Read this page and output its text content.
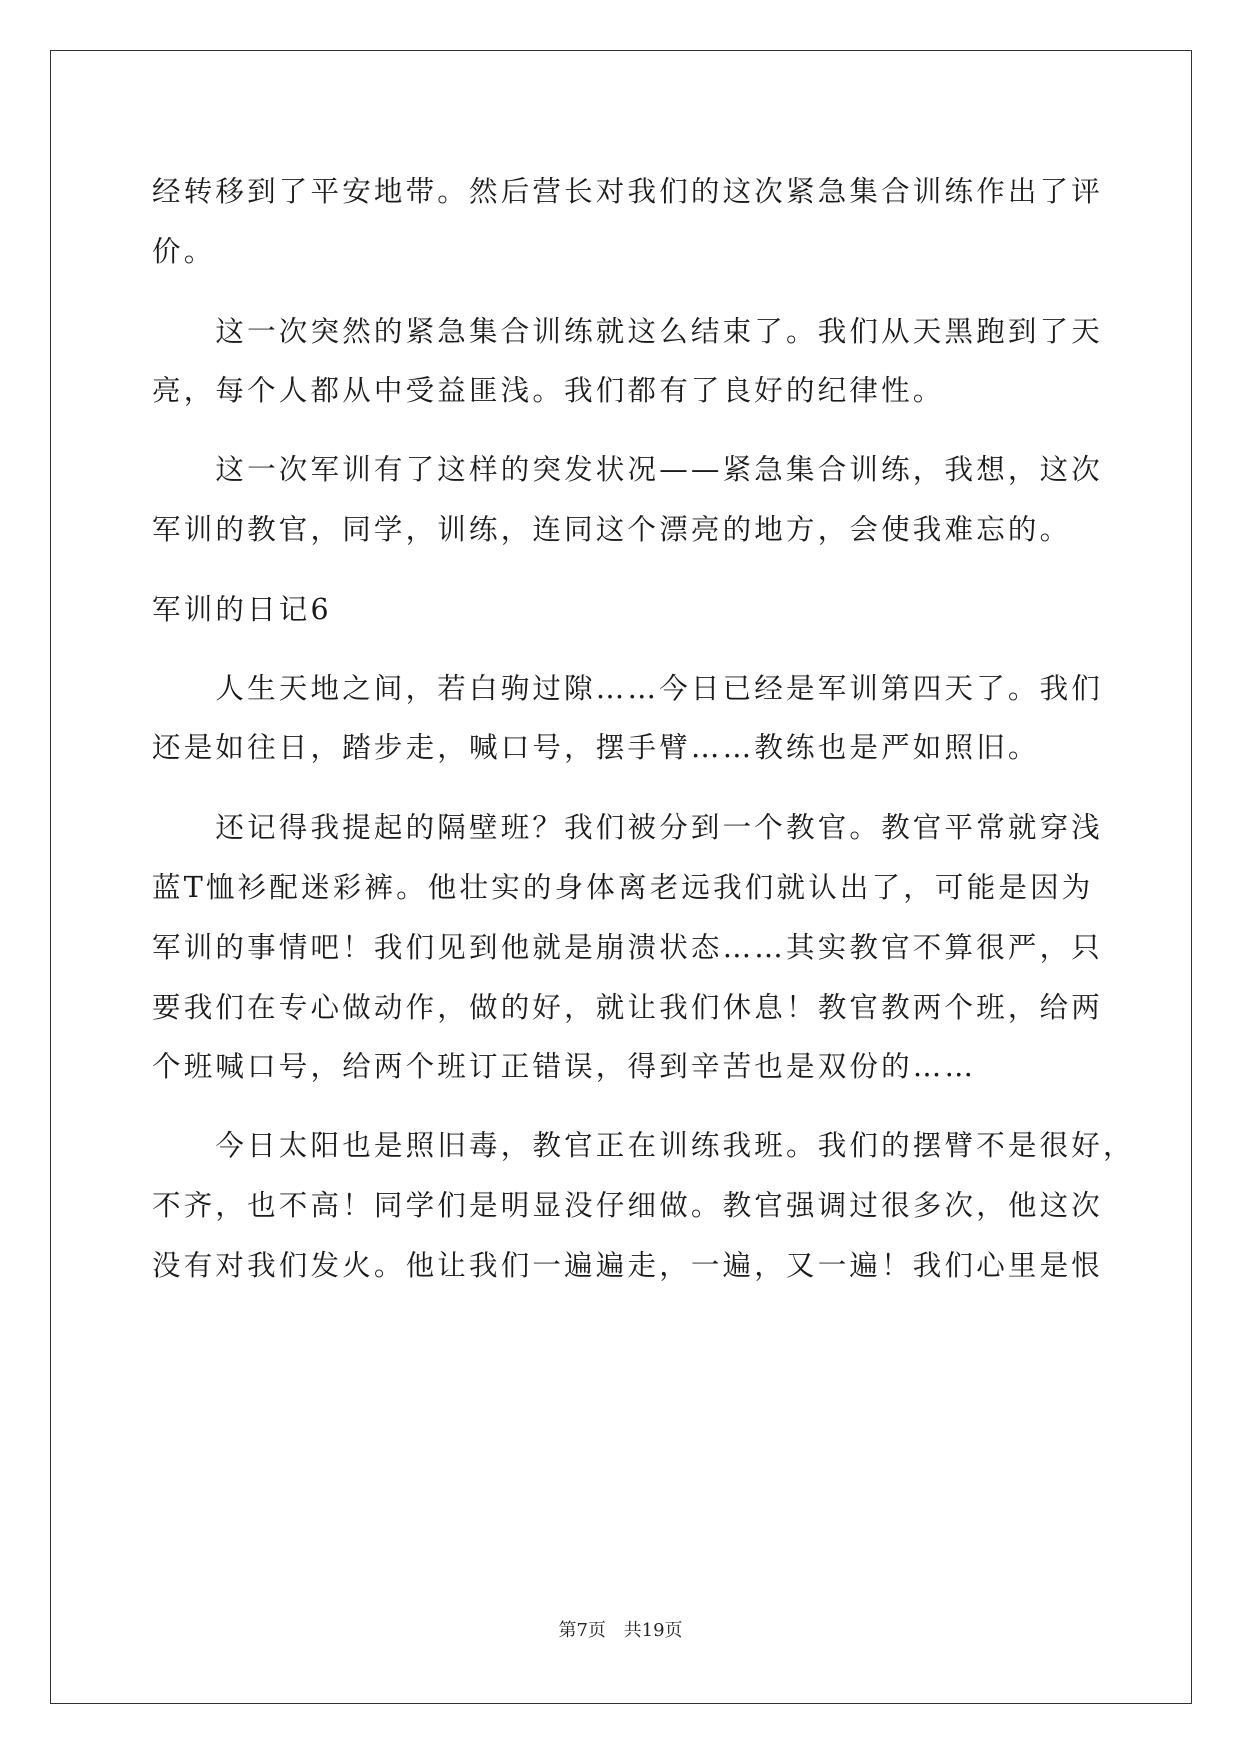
经转移到了平安地带。然后营长对我们的这次紧急集合训练作出了评
价。
　　这一次突然的紧急集合训练就这么结束了。我们从天黑跑到了天
亮，每个人都从中受益匪浅。我们都有了良好的纪律性。
　　这一次军训有了这样的突发状况——紧急集合训练，我想，这次
军训的教官，同学，训练，连同这个漂亮的地方，会使我难忘的。
军训的日记6
　　人生天地之间，若白驹过隙……今日已经是军训第四天了。我们
还是如往日，踏步走，喊口号，摆手臂……教练也是严如照旧。
　　还记得我提起的隔壁班？我们被分到一个教官。教官平常就穿浅
蓝T恤衫配迷彩裤。他壮实的身体离老远我们就认出了，可能是因为
军训的事情吧！我们见到他就是崩溃状态……其实教官不算很严，只
要我们在专心做动作，做的好，就让我们休息！教官教两个班，给两
个班喊口号，给两个班订正错误，得到辛苦也是双份的……
　　今日太阳也是照旧毒，教官正在训练我班。我们的摆臂不是很好，
不齐，也不高！同学们是明显没仔细做。教官强调过很多次，他这次
没有对我们发火。他让我们一遍遍走，一遍，又一遍！我们心里是恨
第7页 共19页
